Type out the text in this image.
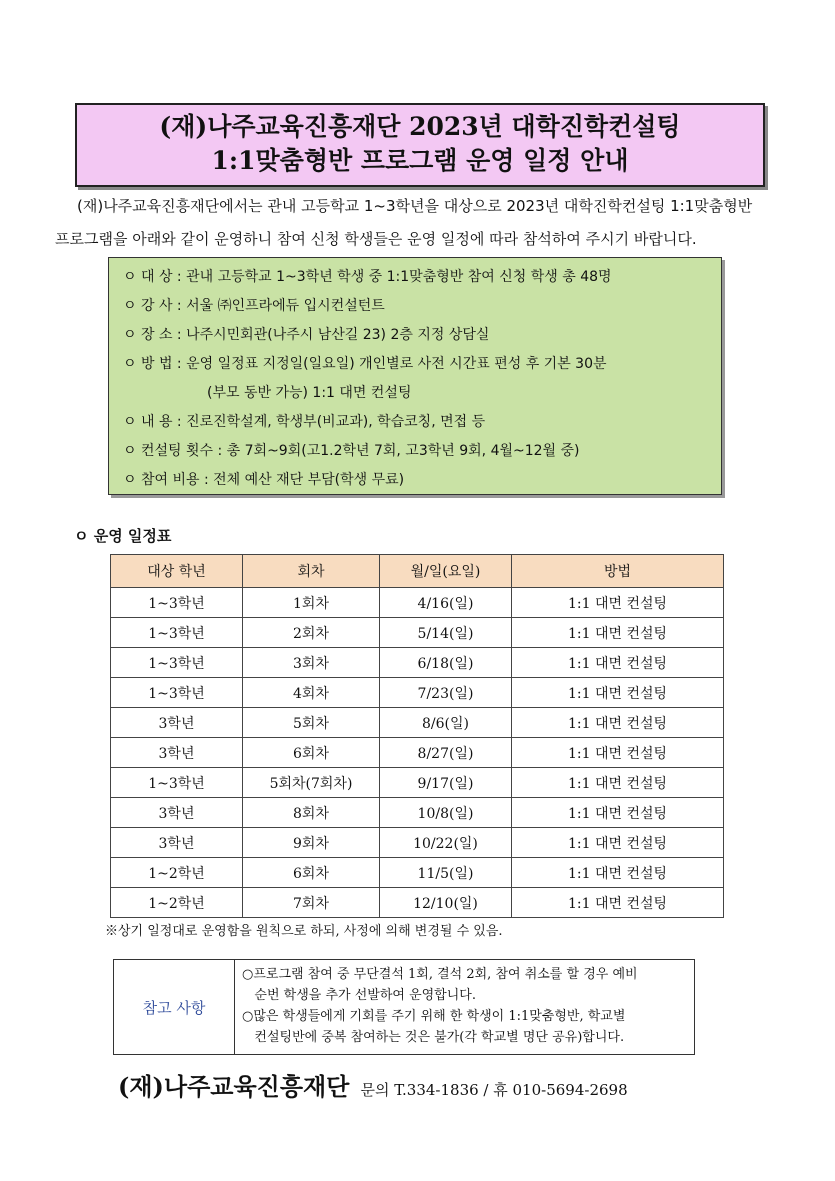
(재)나주교육진흥재단 2023년 대학진학컨설팅
1:1맞춤형반 프로그램 운영 일정 안내
(재)나주교육진흥재단에서는 관내 고등학교 1~3학년을 대상으로 2023년 대학진학컨설팅 1:1맞춤형반
프로그램을 아래와 같이 운영하니 참여 신청 학생들은 운영 일정에 따라 참석하여 주시기 바랍니다.
ㅇ 대 상 : 관내 고등학교 1~3학년 학생 중 1:1맞춤형반 참여 신청 학생 총 48명
ㅇ 강 사 : 서울 ㈜인프라에듀 입시컨설턴트
ㅇ 장 소 : 나주시민회관(나주시 남산길 23) 2층 지정 상담실
ㅇ 방 법 : 운영 일정표 지정일(일요일) 개인별로 사전 시간표 편성 후 기본 30분
(부모 동반 가능) 1:1 대면 컨설팅
ㅇ 내 용 : 진로진학설계, 학생부(비교과), 학습코칭, 면접 등
ㅇ 컨설팅 횟수 : 총 7회~9회(고1.2학년 7회, 고3학년 9회, 4월~12월 중)
ㅇ 참여 비용 : 전체 예산 재단 부담(학생 무료)
ㅇ 운영 일정표
대상 학년	회차	월/일(요일)	방법
1~3학년	1회차	4/16(일)	1:1 대면 컨설팅
1~3학년	2회차	5/14(일)	1:1 대면 컨설팅
1~3학년	3회차	6/18(일)	1:1 대면 컨설팅
1~3학년	4회차	7/23(일)	1:1 대면 컨설팅
3학년	5회차	8/6(일)	1:1 대면 컨설팅
3학년	6회차	8/27(일)	1:1 대면 컨설팅
1~3학년	5회차(7회차)	9/17(일)	1:1 대면 컨설팅
3학년	8회차	10/8(일)	1:1 대면 컨설팅
3학년	9회차	10/22(일)	1:1 대면 컨설팅
1~2학년	6회차	11/5(일)	1:1 대면 컨설팅
1~2학년	7회차	12/10(일)	1:1 대면 컨설팅
※상기 일정대로 운영함을 원칙으로 하되, 사정에 의해 변경될 수 있음.
참고 사항
○프로그램 참여 중 무단결석 1회, 결석 2회, 참여 취소를 할 경우 예비
순번 학생을 추가 선발하여 운영합니다.
○많은 학생들에게 기회를 주기 위해 한 학생이 1:1맞춤형반, 학교별
컨설팅반에 중복 참여하는 것은 불가(각 학교별 명단 공유)합니다.
(재)나주교육진흥재단 문의 T.334-1836 / 휴 010-5694-2698
